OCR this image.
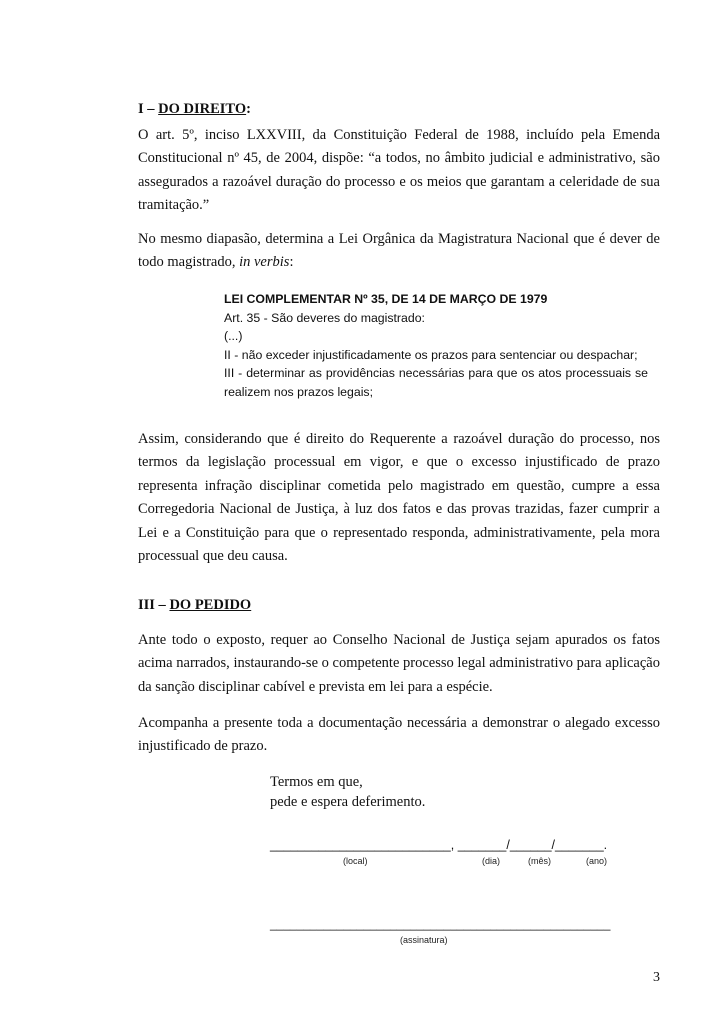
I – DO DIREITO:
O art. 5º, inciso LXXVIII, da Constituição Federal de 1988, incluído pela Emenda Constitucional nº 45, de 2004, dispõe: “a todos, no âmbito judicial e administrativo, são assegurados a razoável duração do processo e os meios que garantam a celeridade de sua tramitação.”
No mesmo diapasão, determina a Lei Orgânica da Magistratura Nacional que é dever de todo magistrado, in verbis:
LEI COMPLEMENTAR Nº 35, DE 14 DE MARÇO DE 1979
Art. 35 - São deveres do magistrado:
(...)
II - não exceder injustificadamente os prazos para sentenciar ou despachar;
III - determinar as providências necessárias para que os atos processuais se realizem nos prazos legais;
Assim, considerando que é direito do Requerente a razoável duração do processo, nos termos da legislação processual em vigor, e que o excesso injustificado de prazo representa infração disciplinar cometida pelo magistrado em questão, cumpre a essa Corregedoria Nacional de Justiça, à luz dos fatos e das provas trazidas, fazer cumprir a Lei e a Constituição para que o representado responda, administrativamente, pela mora processual que deu causa.
III – DO PEDIDO
Ante todo o exposto, requer ao Conselho Nacional de Justiça sejam apurados os fatos acima narrados, instaurando-se o competente processo legal administrativo para aplicação da sanção disciplinar cabível e prevista em lei para a espécie.
Acompanha a presente toda a documentação necessária a demonstrar o alegado excesso injustificado de prazo.
Termos em que,
pede e espera deferimento.
__________________________, _______/______/_______.
(local)	(dia)	(mês)	(ano)
___________________________________________________
(assinatura)
3
